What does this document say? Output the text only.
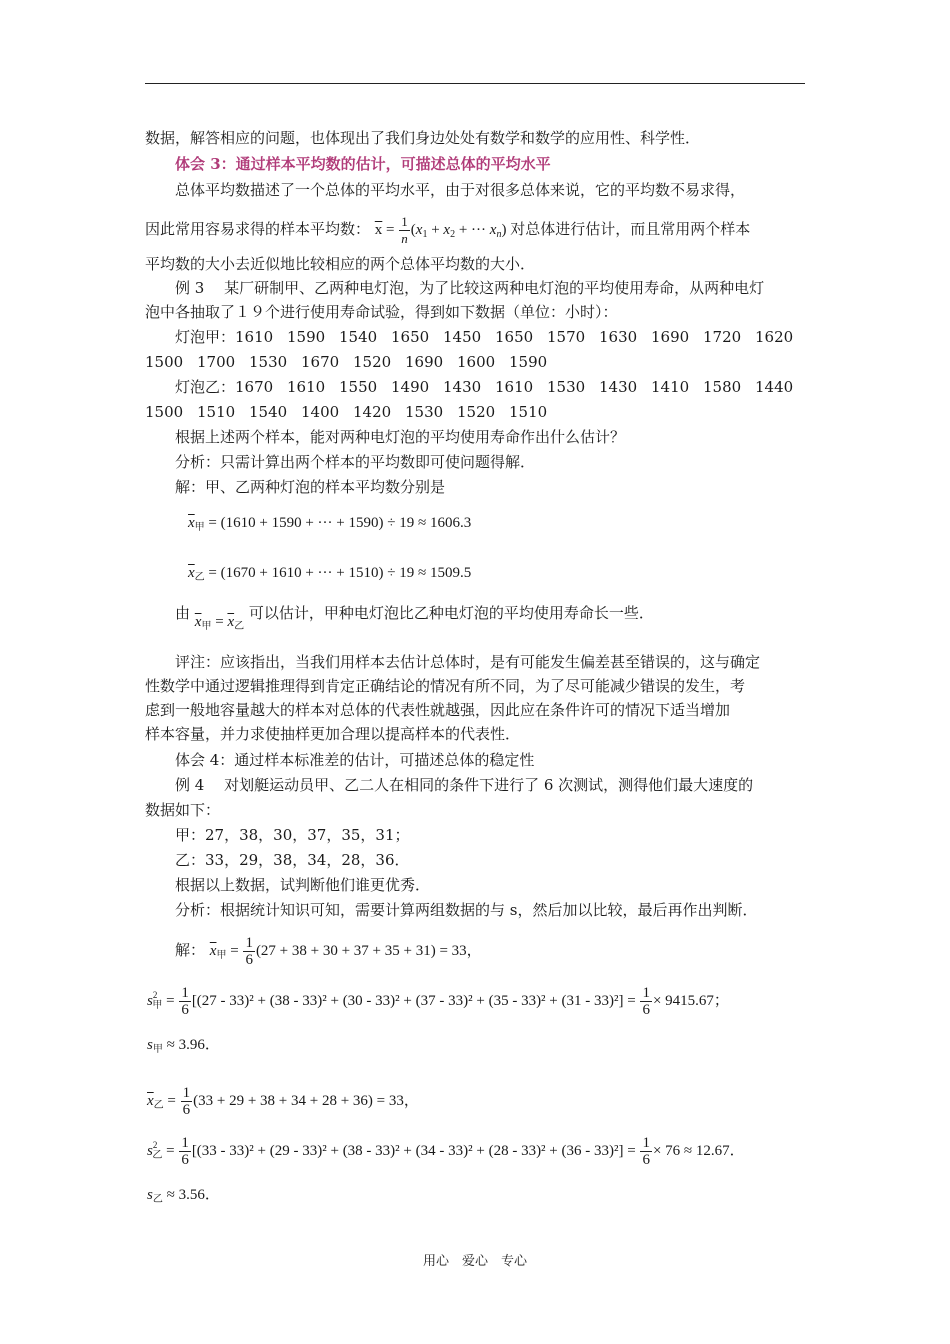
数据，解答相应的问题，也体现出了我们身边处处有数学和数学的应用性、科学性．
体会 3：通过样本平均数的估计，可描述总体的平均水平
总体平均数描述了一个总体的平均水平，由于对很多总体来说，它的平均数不易求得，
因此常用容易求得的样本平均数： $\overline{x} = \frac{1}{n} (x_1 + x_2$ + ··· $x_n$) 对总体进行估计，而且常用两个样本
平均数的大小去近似地比较相应的两个总体平均数的大小．
例 3　 某厂研制甲、乙两种电灯泡，为了比较这两种电灯泡的平均使用寿命，从两种电灯
泡中各抽取了１９个进行使用寿命试验，得到如下数据（单位：小时）：
灯泡甲：1610 1590 1540 1650 1450 1650 1570 1630 1690 1720 1620
1500 1700 1530 1670 1520 1690 1600 1590
灯泡乙：1670 1610 1550 1490 1430 1610 1530 1430 1410 1580 1440
1500 1510 1540 1400 1420 1530 1520 1510
根据上述两个样本，能对两种电灯泡的平均使用寿命作出什么估计？
分析：只需计算出两个样本的平均数即可使问题得解．
解：甲、乙两种灯泡的样本平均数分别是
$\overline{x}_甲 = (1610 + 1590$ + ··· + 1590) ÷ 19 ≈ 1606.3
$\overline{x}_乙 = (1670 + 1610$ + ··· + 1510) ÷ 19 ≈ 1509.5
由 $\overline{x}_甲 = \overline{x}_乙$ 可以估计，甲种电灯泡比乙种电灯泡的平均使用寿命长一些．
评注：应该指出，当我们用样本去估计总体时，是有可能发生偏差甚至错误的，这与确定
性数学中通过逻辑推理得到肯定正确结论的情况有所不同，为了尽可能减少错误的发生，考
虑到一般地容量越大的样本对总体的代表性就越强，因此应在条件许可的情况下适当增加
样本容量，并力求使抽样更加合理以提高样本的代表性．
体会 4：通过样本标准差的估计，可描述总体的稳定性
例 4　 对划艇运动员甲、乙二人在相同的条件下进行了 6 次测试，测得他们最大速度的
数据如下：
甲：27，38，30，37，35，31；
乙：33，29，38，34，28，36．
根据以上数据，试判断他们谁更优秀．
分析：根据统计知识可知，需要计算两组数据的与 s，然后加以比较，最后再作出判断．
解： $\overline{x}_甲 = \frac{1}{6} (27 + 38 + 30 + 37 + 35 + 31) = 33$，
$s^2_甲 = \frac{1}{6} [(27 - 33)^2 + (38 - 33)^2 + (30 - 33)^2 + (37 - 33)^2 + (35 - 33)^2 + (31 - 33)^2] = \frac{1}{6} \times 9415.67$；
$s_甲 \approx 3.96$．
$\overline{x}_乙 = \frac{1}{6} (33 + 29 + 38 + 34 + 28 + 36) = 33$，
$s^2_乙 = \frac{1}{6} [(33 - 33)^2 + (29 - 33)^2 + (38 - 33)^2 + (34 - 33)^2 + (28 - 33)^2 + (36 - 33)^2] = \frac{1}{6} \times 76 \approx 12.67$．
$s_乙 \approx 3.56$．
用心　爱心　专心
